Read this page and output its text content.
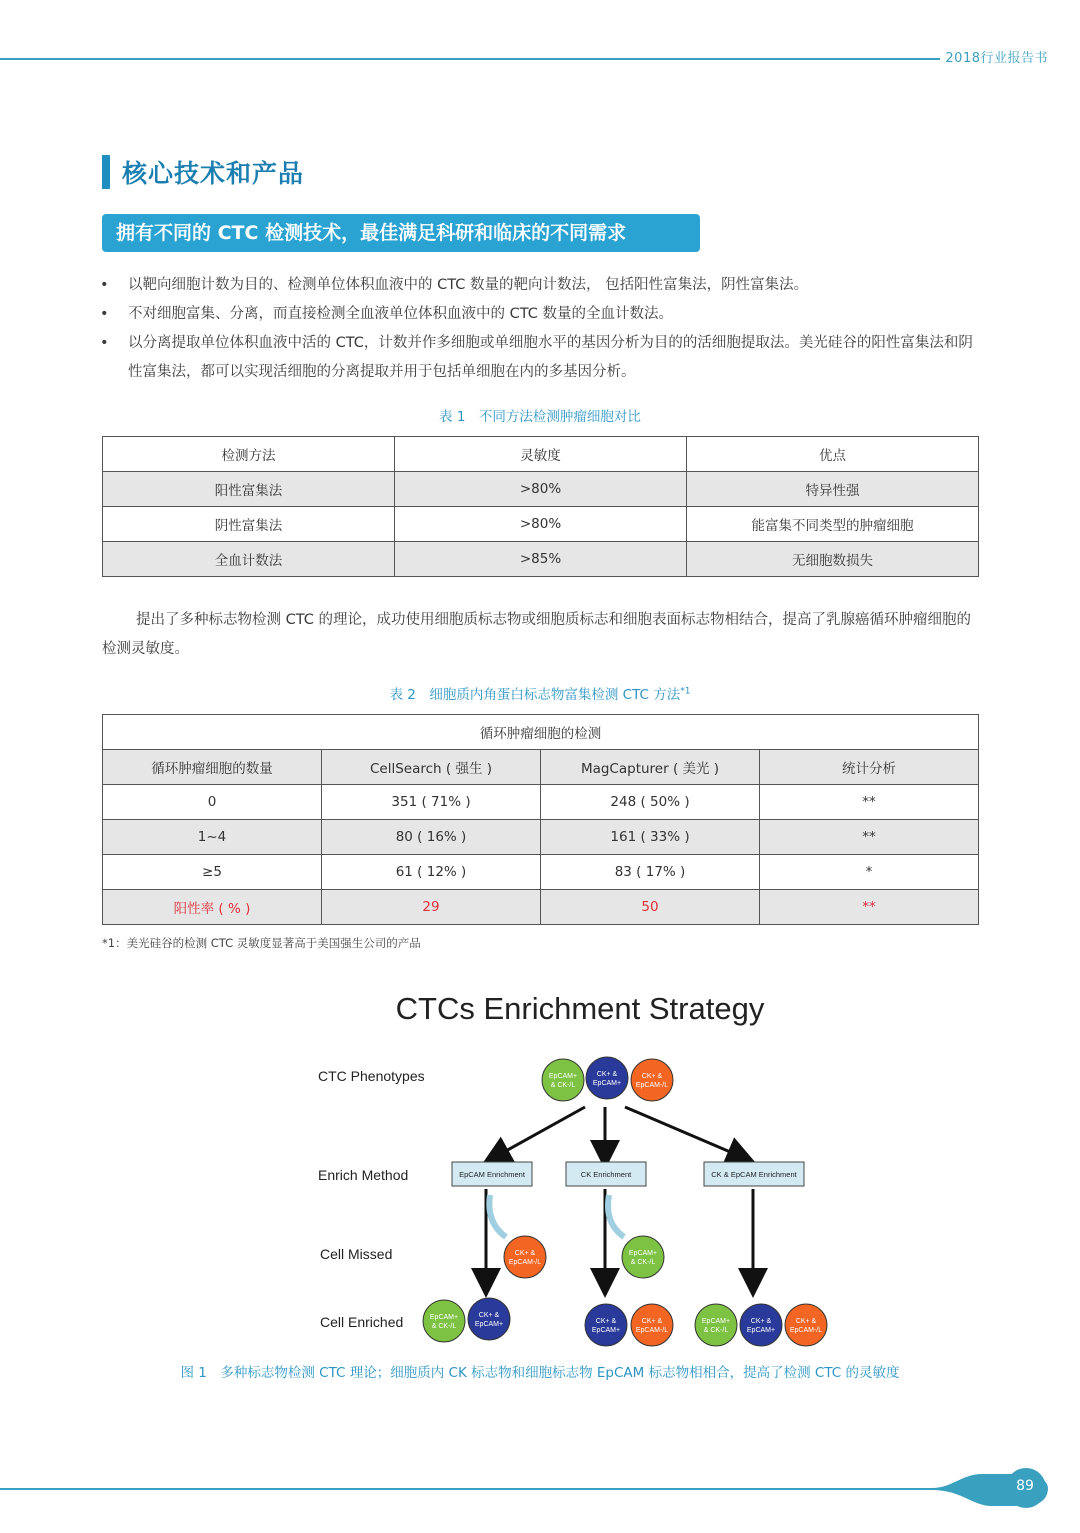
2018行业报告书
核心技术和产品
拥有不同的 CTC 检测技术，最佳满足科研和临床的不同需求
• 以靶向细胞计数为目的、检测单位体积血液中的 CTC 数量的靶向计数法， 包括阳性富集法，阴性富集法。
• 不对细胞富集、分离，而直接检测全血液单位体积血液中的 CTC 数量的全血计数法。
• 以分离提取单位体积血液中活的 CTC，计数并作多细胞或单细胞水平的基因分析为目的的活细胞提取法。美光硅谷的阳性富集法和阴性富集法，都可以实现活细胞的分离提取并用于包括单细胞在内的多基因分析。
表 1　不同方法检测肿瘤细胞对比
检测方法	灵敏度	优点
阳性富集法	>80%	特异性强
阴性富集法	>80%	能富集不同类型的肿瘤细胞
全血计数法	>85%	无细胞数损失
提出了多种标志物检测 CTC 的理论，成功使用细胞质标志物或细胞质标志和细胞表面标志物相结合，提高了乳腺癌循环肿瘤细胞的检测灵敏度。
表 2　细胞质内角蛋白标志物富集检测 CTC 方法$^{*1}$
循环肿瘤细胞的检测			
循环肿瘤细胞的数量	CellSearch ( 强生 )	MagCapturer ( 美光 )	统计分析
0	351 ( 71% )	248 ( 50% )	**
1~4	80 ( 16% )	161 ( 33% )	**
≥5	61 ( 12% )	83 ( 17% )	*
阳性率 ( % )	29	50	**
*1：美光硅谷的检测 CTC 灵敏度显著高于美国强生公司的产品
CTCs Enrichment Strategy
CTC Phenotypes
Enrich Method
Cell Missed
Cell Enriched
EpCAM+
& CK-/L
CK+ &
EpCAM-/L
CK+ &
EpCAM+
EpCAM Enrichment	CK Enrichment	CK & EpCAM Enrichment
CK+ &
EpCAM-/L
EpCAM+
& CK-/L
EpCAM+
& CK-/L
CK+ &
EpCAM+	CK+ &
EpCAM+
CK+ &
EpCAM-/L
EpCAM+
& CK-/L
CK+ &
EpCAM+
CK+ &
EpCAM-/L
图 1　多种标志物检测 CTC 理论；细胞质内 CK 标志物和细胞标志物 EpCAM 标志物相相合，提高了检测 CTC 的灵敏度
89
